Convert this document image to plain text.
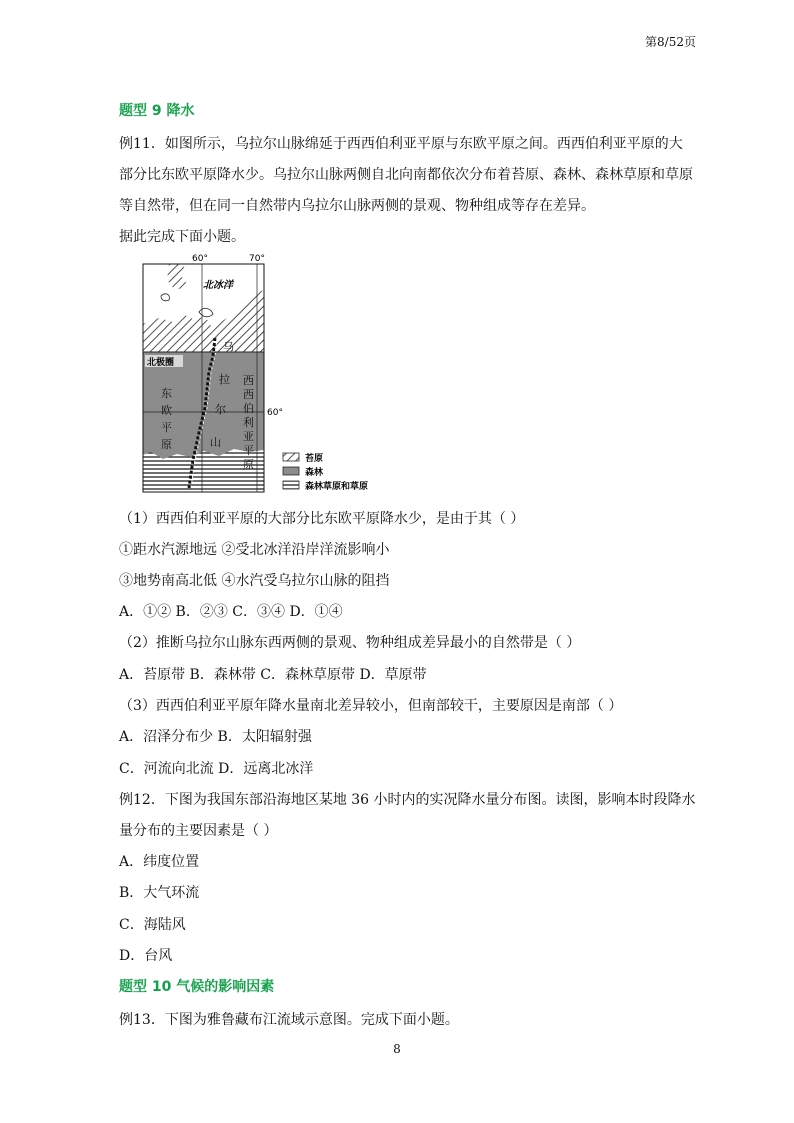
第8/52页
题型 9 降水
例11．如图所示，乌拉尔山脉绵延于西西伯利亚平原与东欧平原之间。西西伯利亚平原的大
部分比东欧平原降水少。乌拉尔山脉两侧自北向南都依次分布着苔原、森林、森林草原和草原
等自然带，但在同一自然带内乌拉尔山脉两侧的景观、物种组成等存在差异。
据此完成下面小题。
60°	70°
60°
北冰洋
北极圈
东
欧
平
原
乌
拉
尔
山
西
西
伯
利
亚
平
原	苔原
森林
森林草原和草原
（1）西西伯利亚平原的大部分比东欧平原降水少，是由于其（ ）
①距水汽源地远 ②受北冰洋沿岸洋流影响小
③地势南高北低 ④水汽受乌拉尔山脉的阻挡
A．①② B．②③ C．③④ D．①④
（2）推断乌拉尔山脉东西两侧的景观、物种组成差异最小的自然带是（ ）
A．苔原带 B．森林带 C．森林草原带 D．草原带
（3）西西伯利亚平原年降水量南北差异较小，但南部较干，主要原因是南部（ ）
A．沼泽分布少 B．太阳辐射强
C．河流向北流 D．远离北冰洋
例12．下图为我国东部沿海地区某地 36 小时内的实况降水量分布图。读图，影响本时段降水
量分布的主要因素是（ ）
A．纬度位置
B．大气环流
C．海陆风
D．台风
题型 10 气候的影响因素
例13．下图为雅鲁藏布江流域示意图。完成下面小题。
8
